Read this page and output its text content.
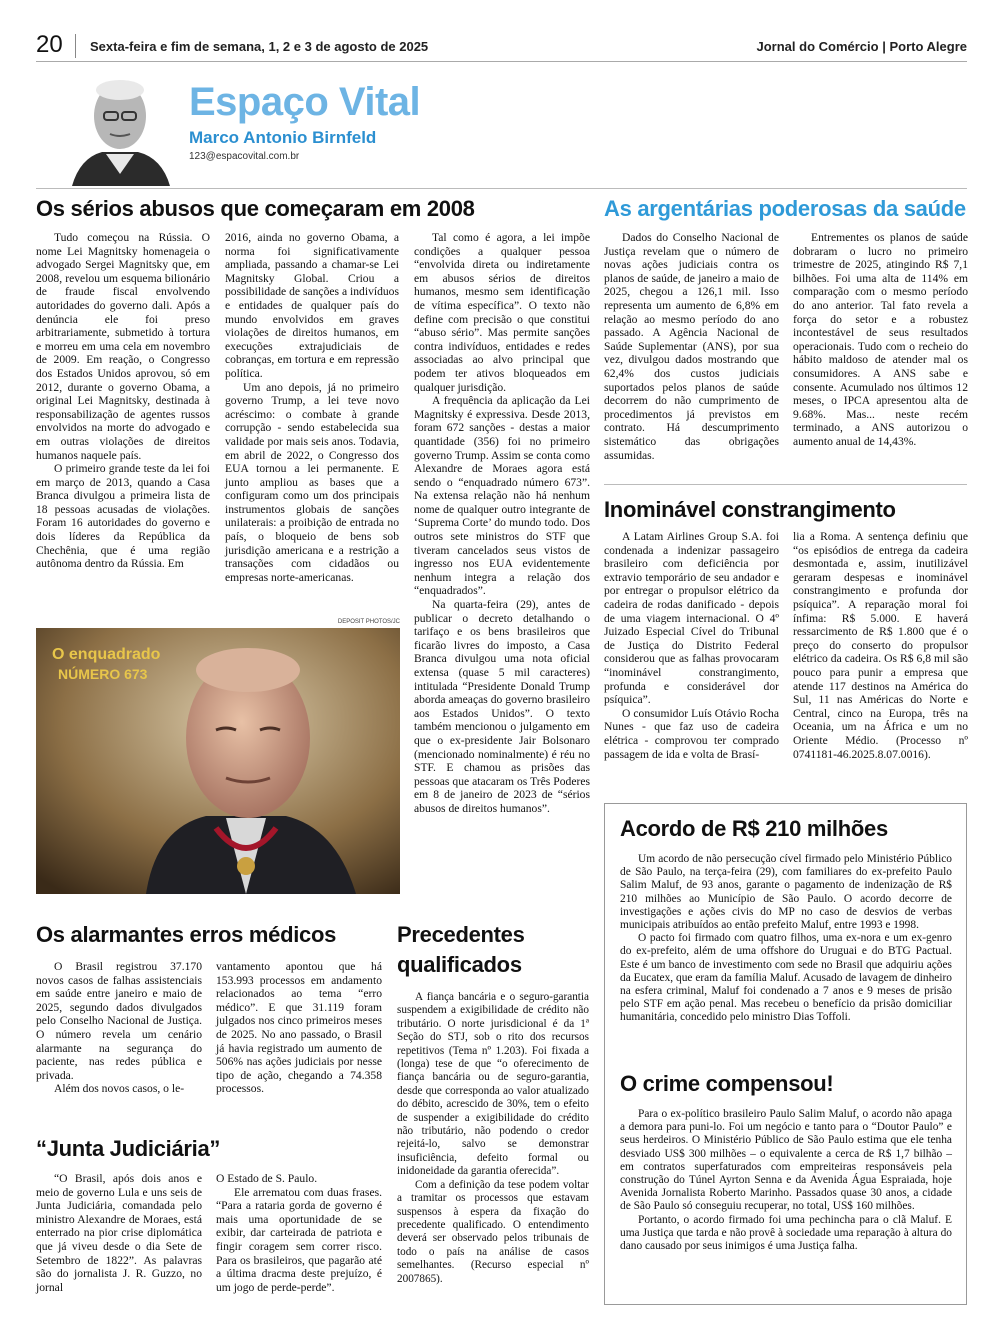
20 Sexta-feira e fim de semana, 1, 2 e 3 de agosto de 2025	Jornal do Comércio | Porto Alegre
Espaço Vital
Marco Antonio Birnfeld
123@espacovital.com.br
Os sérios abusos que começaram em 2008

Tudo começou na Rússia. O nome Lei Magnitsky homenageia o advogado Sergei Magnitsky que, em 2008, revelou um esquema bilionário de fraude fiscal envolvendo autoridades do governo dali. Após a denúncia ele foi preso arbitrariamente, submetido à tortura e morreu em uma cela em novembro de 2009. Em reação, o Congresso dos Estados Unidos aprovou, só em 2012, durante o governo Obama, a original Lei Magnitsky, destinada à responsabilização de agentes russos envolvidos na morte do advogado e em outras violações de direitos humanos naquele país.

O primeiro grande teste da lei foi em março de 2013, quando a Casa Branca divulgou a primeira lista de 18 pessoas acusadas de violações. Foram 16 autoridades do governo e dois líderes da República da Chechênia, que é uma região autônoma dentro da Rússia. Em

2016, ainda no governo Obama, a norma foi significativamente ampliada, passando a chamar-se Lei Magnitsky Global. Criou a possibilidade de sanções a indivíduos e entidades de qualquer país do mundo envolvidos em graves violações de direitos humanos, em execuções extrajudiciais de cobranças, em tortura e em repressão política.

Um ano depois, já no primeiro governo Trump, a lei teve novo acréscimo: o combate à grande corrupção - sendo estabelecida sua validade por mais seis anos. Todavia, em abril de 2022, o Congresso dos EUA tornou a lei permanente. E junto ampliou as bases que a configuram como um dos principais instrumentos globais de sanções unilaterais: a proibição de entrada no país, o bloqueio de bens sob jurisdição americana e a restrição a transações com cidadãos ou empresas norte-americanas.

Tal como é agora, a lei impõe condições a qualquer pessoa “envolvida direta ou indiretamente em abusos sérios de direitos humanos, mesmo sem identificação de vítima específica”. O texto não define com precisão o que constitui “abuso sério”. Mas permite sanções contra indivíduos, entidades e redes associadas ao alvo principal que podem ter ativos bloqueados em qualquer jurisdição.

A frequência da aplicação da Lei Magnitsky é expressiva. Desde 2013, foram 672 sanções - destas a maior quantidade (356) foi no primeiro governo Trump. Assim se conta como Alexandre de Moraes agora está sendo o “enquadrado número 673”. Na extensa relação não há nenhum nome de qualquer outro integrante de ‘Suprema Corte’ do mundo todo. Dos outros sete ministros do STF que tiveram cancelados seus vistos de ingresso nos EUA evidentemente nenhum integra a relação dos “enquadrados”.

Na quarta-feira (29), antes de publicar o decreto detalhando o tarifaço e os bens brasileiros que ficarão livres do imposto, a Casa Branca divulgou uma nota oficial extensa (quase 5 mil caracteres) intitulada “Presidente Donald Trump aborda ameaças do governo brasileiro aos Estados Unidos”. O texto também mencionou o julgamento em que o ex-presidente Jair Bolsonaro (mencionado nominalmente) é réu no STF. E chamou as prisões das pessoas que atacaram os Três Poderes em 8 de janeiro de 2023 de “sérios abusos de direitos humanos”.

DEPOSIT PHOTOS/JC
O enquadrado
NÚMERO 673
As argentárias poderosas da saúde

Dados do Conselho Nacional de Justiça revelam que o número de novas ações judiciais contra os planos de saúde, de janeiro a maio de 2025, chegou a 126,1 mil. Isso representa um aumento de 6,8% em relação ao mesmo período do ano passado. A Agência Nacional de Saúde Suplementar (ANS), por sua vez, divulgou dados mostrando que 62,4% dos custos judiciais suportados pelos planos de saúde decorrem do não cumprimento de procedimentos já previstos em contrato. Há descumprimento sistemático das obrigações assumidas.

Entrementes os planos de saúde dobraram o lucro no primeiro trimestre de 2025, atingindo R$ 7,1 bilhões. Foi uma alta de 114% em comparação com o mesmo período do ano anterior. Tal fato revela a força do setor e a robustez incontestável de seus resultados operacionais. Tudo com o recheio do hábito maldoso de atender mal os consumidores. A ANS sabe e consente. Acumulado nos últimos 12 meses, o IPCA apresentou alta de 9.68%. Mas... neste recém terminado, a ANS autorizou o aumento anual de 14,43%.

Inominável constrangimento

A Latam Airlines Group S.A. foi condenada a indenizar passageiro brasileiro com deficiência por extravio temporário de seu andador e por entregar o propulsor elétrico da cadeira de rodas danificado - depois de uma viagem internacional. O 4º Juizado Especial Cível do Tribunal de Justiça do Distrito Federal considerou que as falhas provocaram “inominável constrangimento, profunda e considerável dor psíquica”.

O consumidor Luís Otávio Rocha Nunes - que faz uso de cadeira elétrica - comprovou ter comprado passagem de ida e volta de Brasí-

lia a Roma. A sentença definiu que “os episódios de entrega da cadeira desmontada e, assim, inutilizável geraram despesas e inominável constrangimento e profunda dor psíquica”. A reparação moral foi ínfima: R$ 5.000. E haverá ressarcimento de R$ 1.800 que é o preço do conserto do propulsor elétrico da cadeira. Os R$ 6,8 mil são pouco para punir a empresa que atende 117 destinos na América do Sul, 11 nas Américas do Norte e Central, cinco na Europa, três na Oceania, um na África e um no Oriente Médio. (Processo nº 0741181-46.2025.8.07.0016).

Acordo de R$ 210 milhões

Um acordo de não persecução cível firmado pelo Ministério Público de São Paulo, na terça-feira (29), com familiares do ex-prefeito Paulo Salim Maluf, de 93 anos, garante o pagamento de indenização de R$ 210 milhões ao Município de São Paulo. O acordo decorre de investigações e ações civis do MP no caso de desvios de verbas municipais atribuídos ao então prefeito Maluf, entre 1993 e 1998.

O pacto foi firmado com quatro filhos, uma ex-nora e um ex-genro do ex-prefeito, além de uma offshore do Uruguai e do BTG Pactual. Este é um banco de investimento com sede no Brasil que adquiriu ações da Eucatex, que eram da família Maluf. Acusado de lavagem de dinheiro na esfera criminal, Maluf foi condenado a 7 anos e 9 meses de prisão pelo STF em ação penal. Mas recebeu o benefício da prisão domiciliar humanitária, concedido pelo ministro Dias Toffoli.

O crime compensou!

Para o ex-político brasileiro Paulo Salim Maluf, o acordo não apaga a demora para puni-lo. Foi um negócio e tanto para o “Doutor Paulo” e seus herdeiros. O Ministério Público de São Paulo estima que ele tenha desviado US$ 300 milhões – o equivalente a cerca de R$ 1,7 bilhão – em contratos superfaturados com empreiteiras responsáveis pela construção do Túnel Ayrton Senna e da Avenida Água Espraiada, hoje Avenida Jornalista Roberto Marinho. Passados quase 30 anos, a cidade de São Paulo só conseguiu recuperar, no total, US$ 160 milhões.

Portanto, o acordo firmado foi uma pechincha para o clã Maluf. E uma Justiça que tarda e não provê à sociedade uma reparação à altura do dano causado por seus inimigos é uma Justiça falha.

Os alarmantes erros médicos

O Brasil registrou 37.170 novos casos de falhas assistenciais em saúde entre janeiro e maio de 2025, segundo dados divulgados pelo Conselho Nacional de Justiça. O número revela um cenário alarmante na segurança do paciente, nas redes pública e privada.

Além dos novos casos, o le-

vantamento apontou que há 153.993 processos em andamento relacionados ao tema “erro médico”. E que 31.119 foram julgados nos cinco primeiros meses de 2025. No ano passado, o Brasil já havia registrado um aumento de 506% nas ações judiciais por nesse tipo de ação, chegando a 74.358 processos.

“Junta Judiciária”

“O Brasil, após dois anos e meio de governo Lula e uns seis de Junta Judiciária, comandada pelo ministro Alexandre de Moraes, está enterrado na pior crise diplomática que já viveu desde o dia Sete de Setembro de 1822”. As palavras são do jornalista J. R. Guzzo, no jornal

O Estado de S. Paulo.

Ele arrematou com duas frases. “Para a rataria gorda de governo é mais uma oportunidade de se exibir, dar carteirada de patriota e fingir coragem sem correr risco. Para os brasileiros, que pagarão até a última dracma deste prejuízo, é um jogo de perde-perde”.

Precedentes
qualificados

A fiança bancária e o seguro-garantia suspendem a exigibilidade de crédito não tributário. O norte jurisdicional é da 1ª Seção do STJ, sob o rito dos recursos repetitivos (Tema nº 1.203). Foi fixada a (longa) tese de que “o oferecimento de fiança bancária ou de seguro-garantia, desde que corresponda ao valor atualizado do débito, acrescido de 30%, tem o efeito de suspender a exigibilidade do crédito não tributário, não podendo o credor rejeitá-lo, salvo se demonstrar insuficiência, defeito formal ou inidoneidade da garantia oferecida”.

Com a definição da tese podem voltar a tramitar os processos que estavam suspensos à espera da fixação do precedente qualificado. O entendimento deverá ser observado pelos tribunais de todo o país na análise de casos semelhantes. (Recurso especial nº 2007865).
